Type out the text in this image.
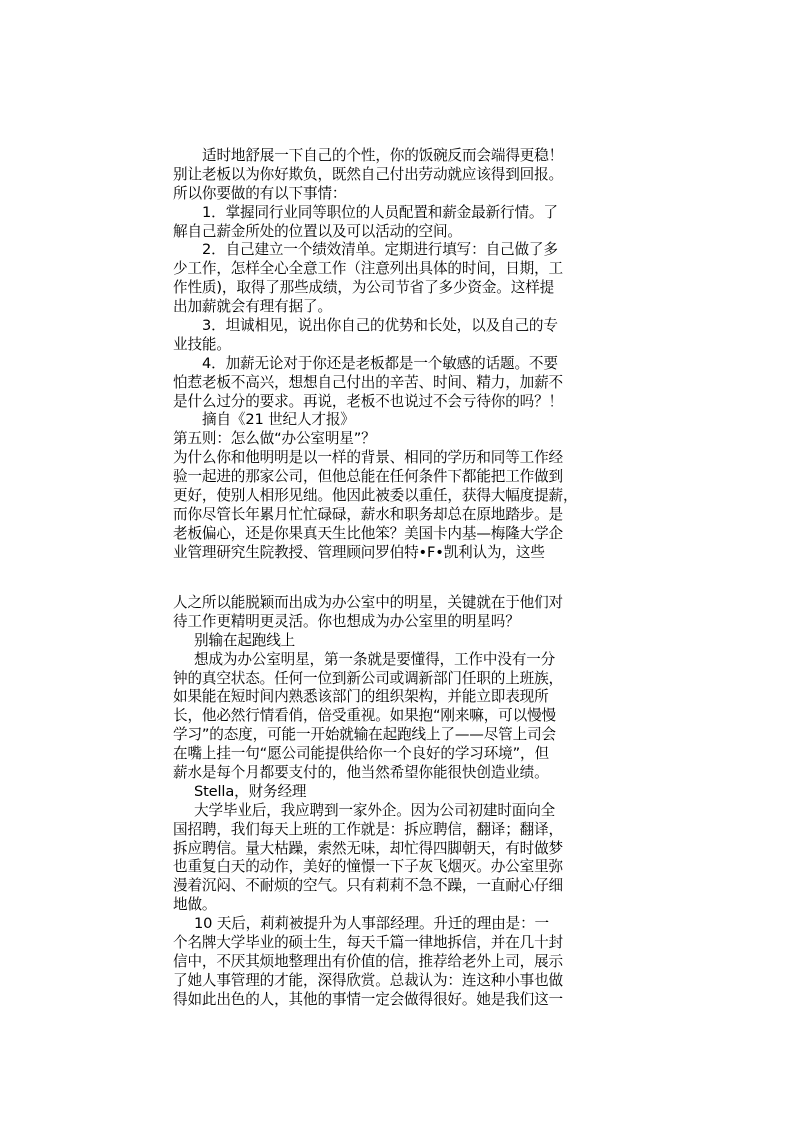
适时地舒展一下自己的个性，你的饭碗反而会端得更稳！
别让老板以为你好欺负，既然自己付出劳动就应该得到回报。
所以你要做的有以下事情：
1．掌握同行业同等职位的人员配置和薪金最新行情。了
解自己薪金所处的位置以及可以活动的空间。
2．自己建立一个绩效清单。定期进行填写：自己做了多
少工作，怎样全心全意工作（注意列出具体的时间，日期，工
作性质)，取得了那些成绩，为公司节省了多少资金。这样提
出加薪就会有理有据了。
3．坦诚相见，说出你自己的优势和长处，以及自己的专
业技能。
4．加薪无论对于你还是老板都是一个敏感的话题。不要
怕惹老板不高兴，想想自己付出的辛苦、时间、精力，加薪不
是什么过分的要求。再说，老板不也说过不会亏待你的吗？！
摘自《21 世纪人才报》
第五则：怎么做“办公室明星”？
为什么你和他明明是以一样的背景、相同的学历和同等工作经
验一起进的那家公司，但他总能在任何条件下都能把工作做到
更好，使别人相形见绌。他因此被委以重任，获得大幅度提薪，
而你尽管长年累月忙忙碌碌，薪水和职务却总在原地踏步。是
老板偏心，还是你果真天生比他笨？美国卡内基—梅隆大学企
业管理研究生院教授、管理顾问罗伯特•F•凯利认为，这些
人之所以能脱颖而出成为办公室中的明星，关键就在于他们对
待工作更精明更灵活。你也想成为办公室里的明星吗？
别输在起跑线上
想成为办公室明星，第一条就是要懂得，工作中没有一分
钟的真空状态。任何一位到新公司或调新部门任职的上班族，
如果能在短时间内熟悉该部门的组织架构，并能立即表现所
长，他必然行情看俏，倍受重视。如果抱“刚来嘛，可以慢慢
学习”的态度，可能一开始就输在起跑线上了——尽管上司会
在嘴上挂一句“愿公司能提供给你一个良好的学习环境”，但
薪水是每个月都要支付的，他当然希望你能很快创造业绩。
Stella，财务经理
大学毕业后，我应聘到一家外企。因为公司初建时面向全
国招聘，我们每天上班的工作就是：拆应聘信，翻译；翻译，
拆应聘信。量大枯躁，索然无味，却忙得四脚朝天，有时做梦
也重复白天的动作，美好的憧憬一下子灰飞烟灭。办公室里弥
漫着沉闷、不耐烦的空气。只有莉莉不急不躁，一直耐心仔细
地做。
10 天后，莉莉被提升为人事部经理。升迁的理由是：一
个名牌大学毕业的硕士生，每天千篇一律地拆信，并在几十封
信中，不厌其烦地整理出有价值的信，推荐给老外上司，展示
了她人事管理的才能，深得欣赏。总裁认为：连这种小事也做
得如此出色的人，其他的事情一定会做得很好。她是我们这一
